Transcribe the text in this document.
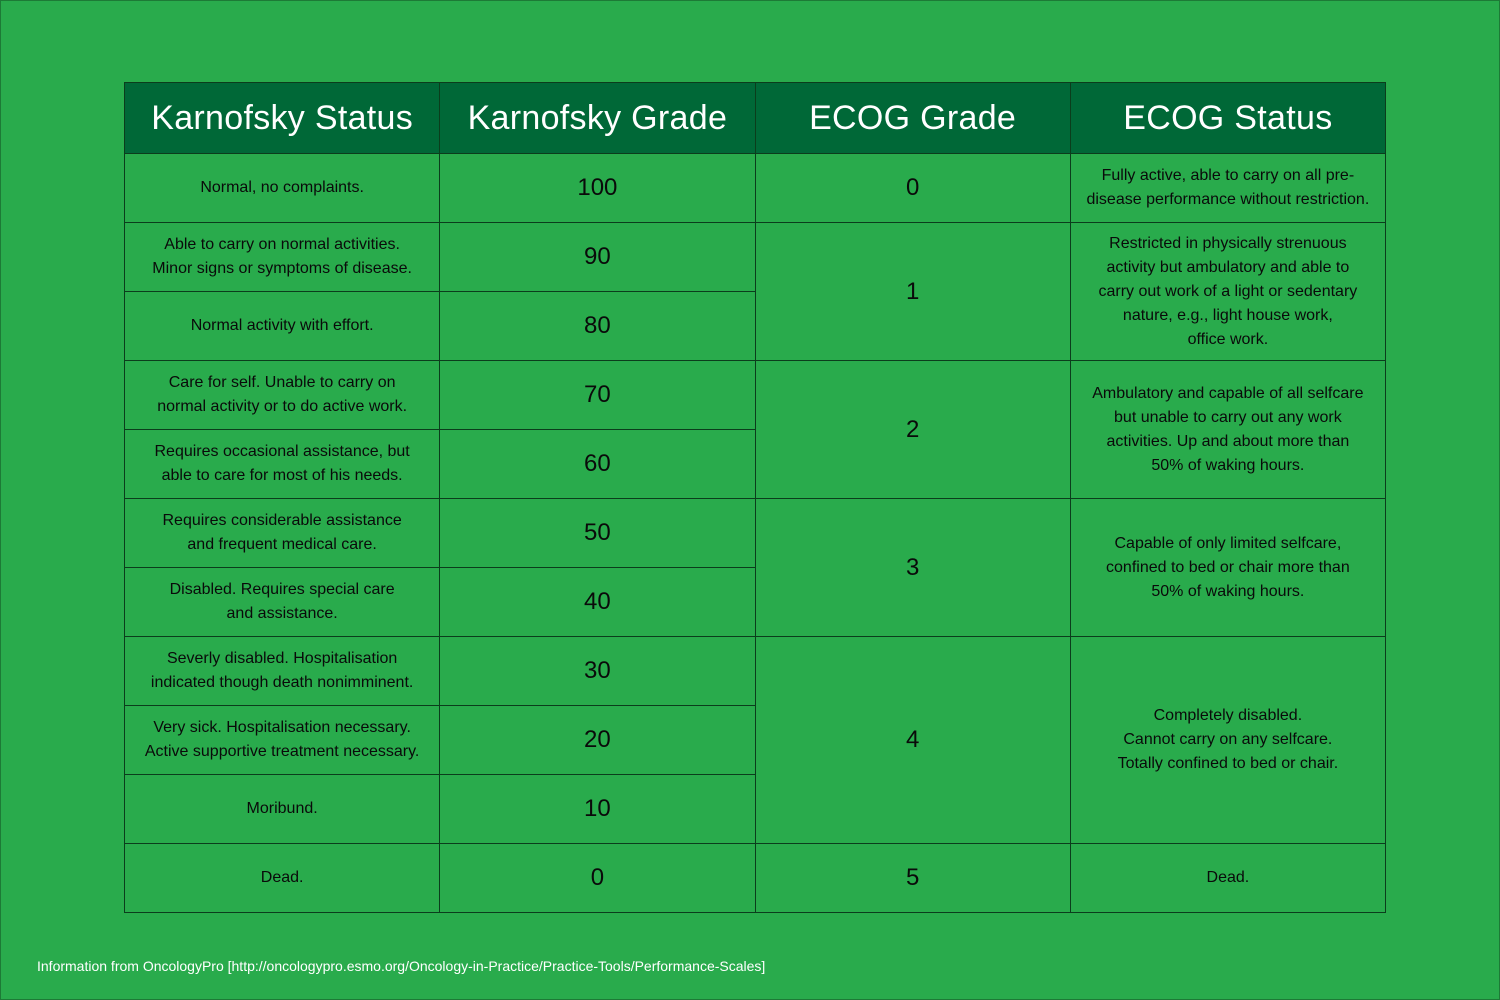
Karnofsky Status	Karnofsky Grade	ECOG Grade	ECOG Status
Normal, no complaints.	100	0	Fully active, able to carry on all pre-
disease performance without restriction.
Able to carry on normal activities.
Minor signs or symptoms of disease.	90	1	Restricted in physically strenuous
activity but ambulatory and able to
carry out work of a light or sedentary
nature, e.g., light house work,
office work.
Normal activity with effort.	80		
Care for self. Unable to carry on
normal activity or to do active work.	70	2	Ambulatory and capable of all selfcare
but unable to carry out any work
activities. Up and about more than
50% of waking hours.
Requires occasional assistance, but
able to care for most of his needs.	60		
Requires considerable assistance
and frequent medical care.	50	3	Capable of only limited selfcare,
confined to bed or chair more than
50% of waking hours.
Disabled. Requires special care
and assistance.	40		
Severly disabled. Hospitalisation
indicated though death nonimminent.	30	4	Completely disabled.
Cannot carry on any selfcare.
Totally confined to bed or chair.
Very sick. Hospitalisation necessary.
Active supportive treatment necessary.	20		
Moribund.	10		
Dead.	0	5	Dead.
Information from OncologyPro [http://oncologypro.esmo.org/Oncology-in-Practice/Practice-Tools/Performance-Scales]
